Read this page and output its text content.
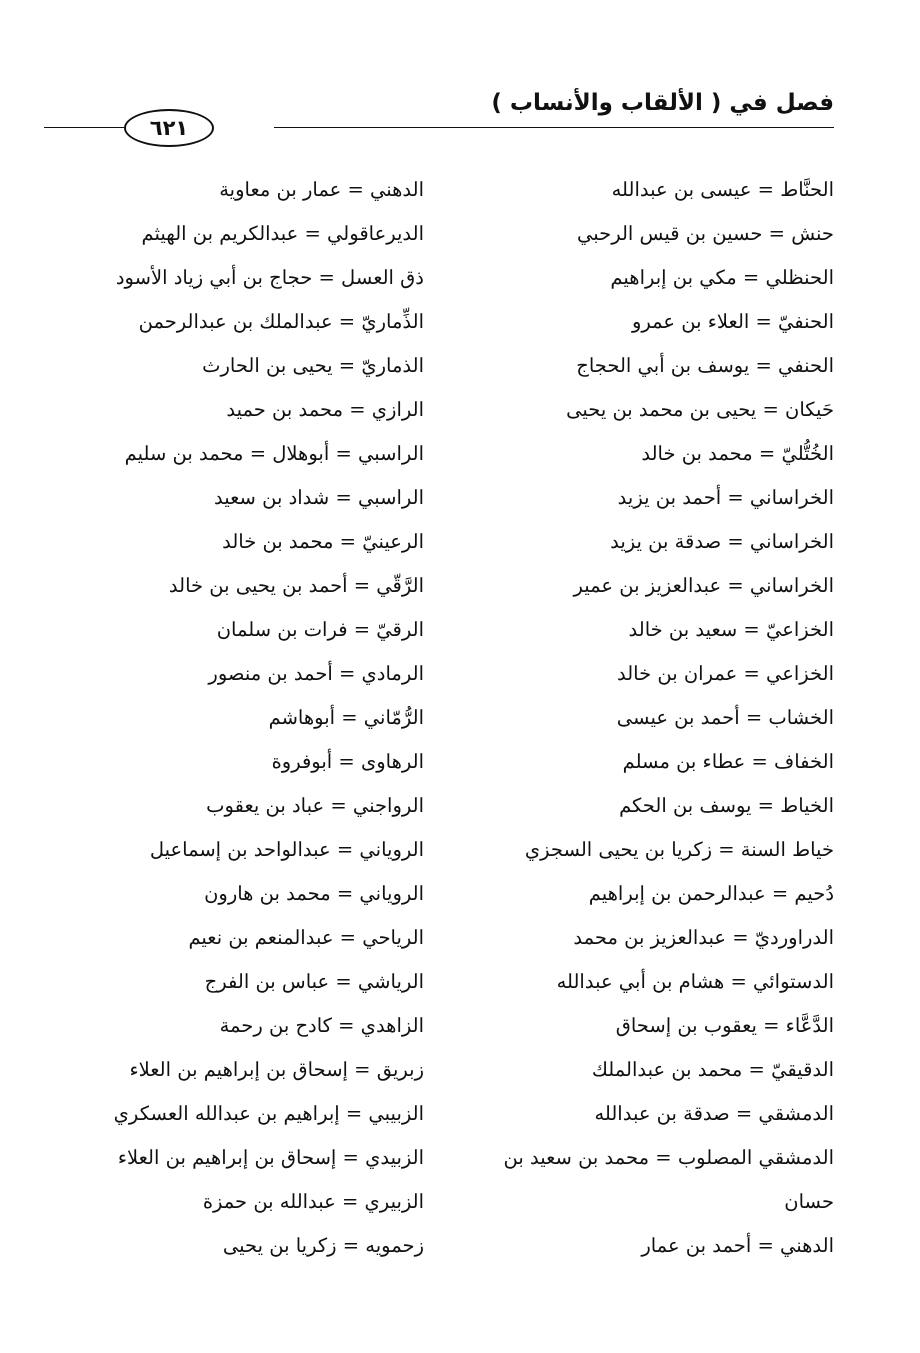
فصل في ( الألقاب والأنساب )
٦٢١
الحنَّاط = عيسى بن عبدالله
حنش = حسين بن قيس الرحبي
الحنظلي = مكي بن إبراهيم
الحنفيّ = العلاء بن عمرو
الحنفي = يوسف بن أبي الحجاج
حَيكان = يحيى بن محمد بن يحيى
الخُتُّليّ = محمد بن خالد
الخراساني = أحمد بن يزيد
الخراساني = صدقة بن يزيد
الخراساني = عبدالعزيز بن عمير
الخزاعيّ = سعيد بن خالد
الخزاعي = عمران بن خالد
الخشاب = أحمد بن عيسى
الخفاف = عطاء بن مسلم
الخياط = يوسف بن الحكم
خياط السنة = زكريا بن يحيى السجزي
دُحيم = عبدالرحمن بن إبراهيم
الدراورديّ = عبدالعزيز بن محمد
الدستوائي = هشام بن أبي عبدالله
الدَّعَّاء = يعقوب بن إسحاق
الدقيقيّ = محمد بن عبدالملك
الدمشقي = صدقة بن عبدالله
الدمشقي المصلوب = محمد بن سعيد بن حسان
الدهني = أحمد بن عمار
الدهني = عمار بن معاوية
الديرعاقولي = عبدالكريم بن الهيثم
ذق العسل = حجاج بن أبي زياد الأسود
الذِّماريّ = عبدالملك بن عبدالرحمن
الذماريّ = يحيى بن الحارث
الرازي = محمد بن حميد
الراسبي = أبوهلال = محمد بن سليم
الراسبي = شداد بن سعيد
الرعينيّ = محمد بن خالد
الرَّقّي = أحمد بن يحيى بن خالد
الرقيّ = فرات بن سلمان
الرمادي = أحمد بن منصور
الرُّمّاني = أبوهاشم
الرهاوى = أبوفروة
الرواجني = عباد بن يعقوب
الروياني = عبدالواحد بن إسماعيل
الروياني = محمد بن هارون
الرياحي = عبدالمنعم بن نعيم
الرياشي = عباس بن الفرج
الزاهدي = كادح بن رحمة
زبريق = إسحاق بن إبراهيم بن العلاء
الزبيبي = إبراهيم بن عبدالله العسكري
الزبيدي = إسحاق بن إبراهيم بن العلاء
الزبيري = عبدالله بن حمزة
زحمويه = زكريا بن يحيى
